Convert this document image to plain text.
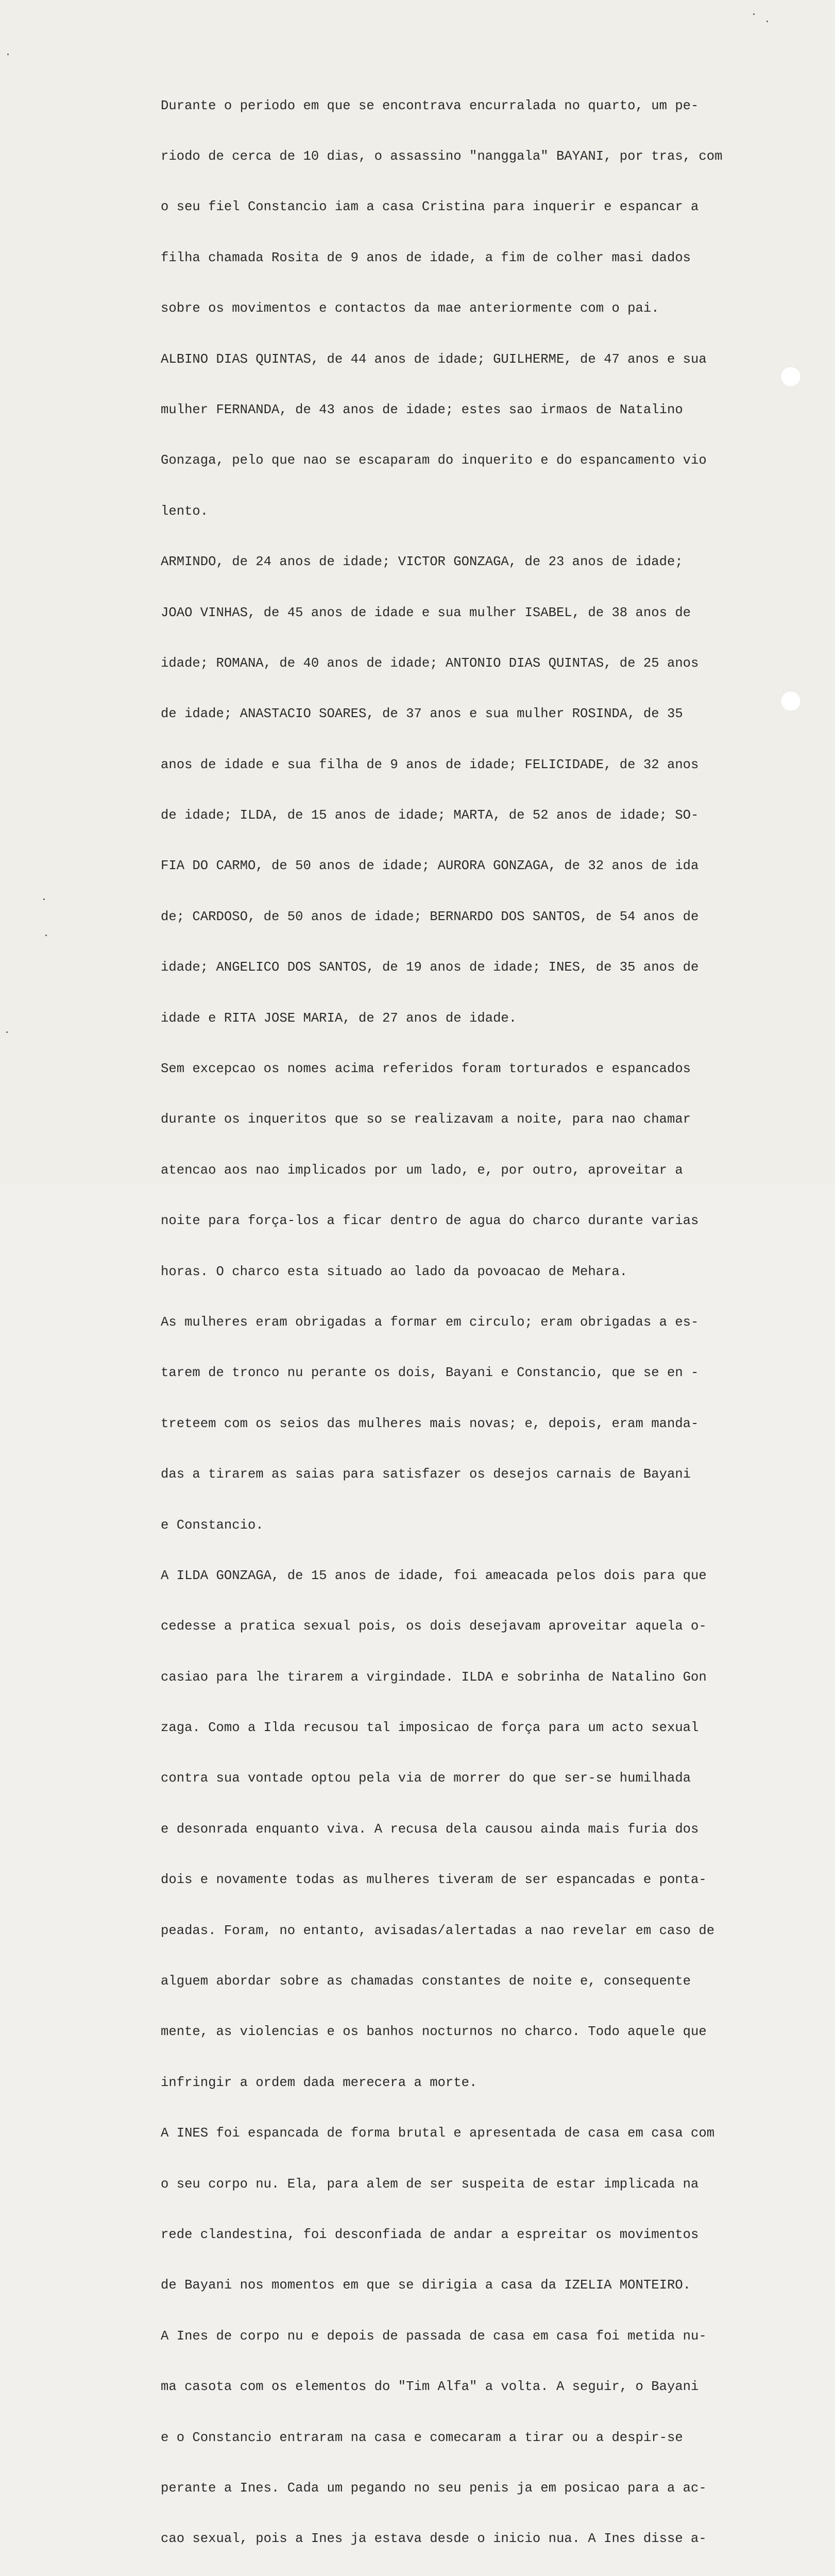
Durante o periodo em que se encontrava encurralada no quarto, um pe-

riodo de cerca de 10 dias, o assassino "nanggala" BAYANI, por tras, com

o seu fiel Constancio iam a casa Cristina para inquerir e espancar a

filha chamada Rosita de 9 anos de idade, a fim de colher masi dados

sobre os movimentos e contactos da mae anteriormente com o pai.

ALBINO DIAS QUINTAS, de 44 anos de idade; GUILHERME, de 47 anos e sua

mulher FERNANDA, de 43 anos de idade; estes sao irmaos de Natalino

Gonzaga, pelo que nao se escaparam do inquerito e do espancamento vio

lento.

ARMINDO, de 24 anos de idade; VICTOR GONZAGA, de 23 anos de idade;

JOAO VINHAS, de 45 anos de idade e sua mulher ISABEL, de 38 anos de

idade; ROMANA, de 40 anos de idade; ANTONIO DIAS QUINTAS, de 25 anos

de idade; ANASTACIO SOARES, de 37 anos e sua mulher ROSINDA, de 35

anos de idade e sua filha de 9 anos de idade; FELICIDADE, de 32 anos

de idade; ILDA, de 15 anos de idade; MARTA, de 52 anos de idade; SO-

FIA DO CARMO, de 50 anos de idade; AURORA GONZAGA, de 32 anos de ida

de; CARDOSO, de 50 anos de idade; BERNARDO DOS SANTOS, de 54 anos de

idade; ANGELICO DOS SANTOS, de 19 anos de idade; INES, de 35 anos de

idade e RITA JOSE MARIA, de 27 anos de idade.

Sem excepcao os nomes acima referidos foram torturados e espancados

durante os inqueritos que so se realizavam a noite, para nao chamar

atencao aos nao implicados por um lado, e, por outro, aproveitar a

noite para força-los a ficar dentro de agua do charco durante varias

horas. O charco esta situado ao lado da povoacao de Mehara.

As mulheres eram obrigadas a formar em circulo; eram obrigadas a es-

tarem de tronco nu perante os dois, Bayani e Constancio, que se en -

treteem com os seios das mulheres mais novas; e, depois, eram manda-

das a tirarem as saias para satisfazer os desejos carnais de Bayani

e Constancio.

A ILDA GONZAGA, de 15 anos de idade, foi ameacada pelos dois para que

cedesse a pratica sexual pois, os dois desejavam aproveitar aquela o-

casiao para lhe tirarem a virgindade. ILDA e sobrinha de Natalino Gon

zaga. Como a Ilda recusou tal imposicao de força para um acto sexual

contra sua vontade optou pela via de morrer do que ser-se humilhada

e desonrada enquanto viva. A recusa dela causou ainda mais furia dos

dois e novamente todas as mulheres tiveram de ser espancadas e ponta-

peadas. Foram, no entanto, avisadas/alertadas a nao revelar em caso de

alguem abordar sobre as chamadas constantes de noite e, consequente

mente, as violencias e os banhos nocturnos no charco. Todo aquele que

infringir a ordem dada merecera a morte.

A INES foi espancada de forma brutal e apresentada de casa em casa com

o seu corpo nu. Ela, para alem de ser suspeita de estar implicada na

rede clandestina, foi desconfiada de andar a espreitar os movimentos

de Bayani nos momentos em que se dirigia a casa da IZELIA MONTEIRO.

A Ines de corpo nu e depois de passada de casa em casa foi metida nu-

ma casota com os elementos do "Tim Alfa" a volta. A seguir, o Bayani

e o Constancio entraram na casa e comecaram a tirar ou a despir-se

perante a Ines. Cada um pegando no seu penis ja em posicao para a ac-

cao sexual, pois a Ines ja estava desde o inicio nua. A Ines disse a-
